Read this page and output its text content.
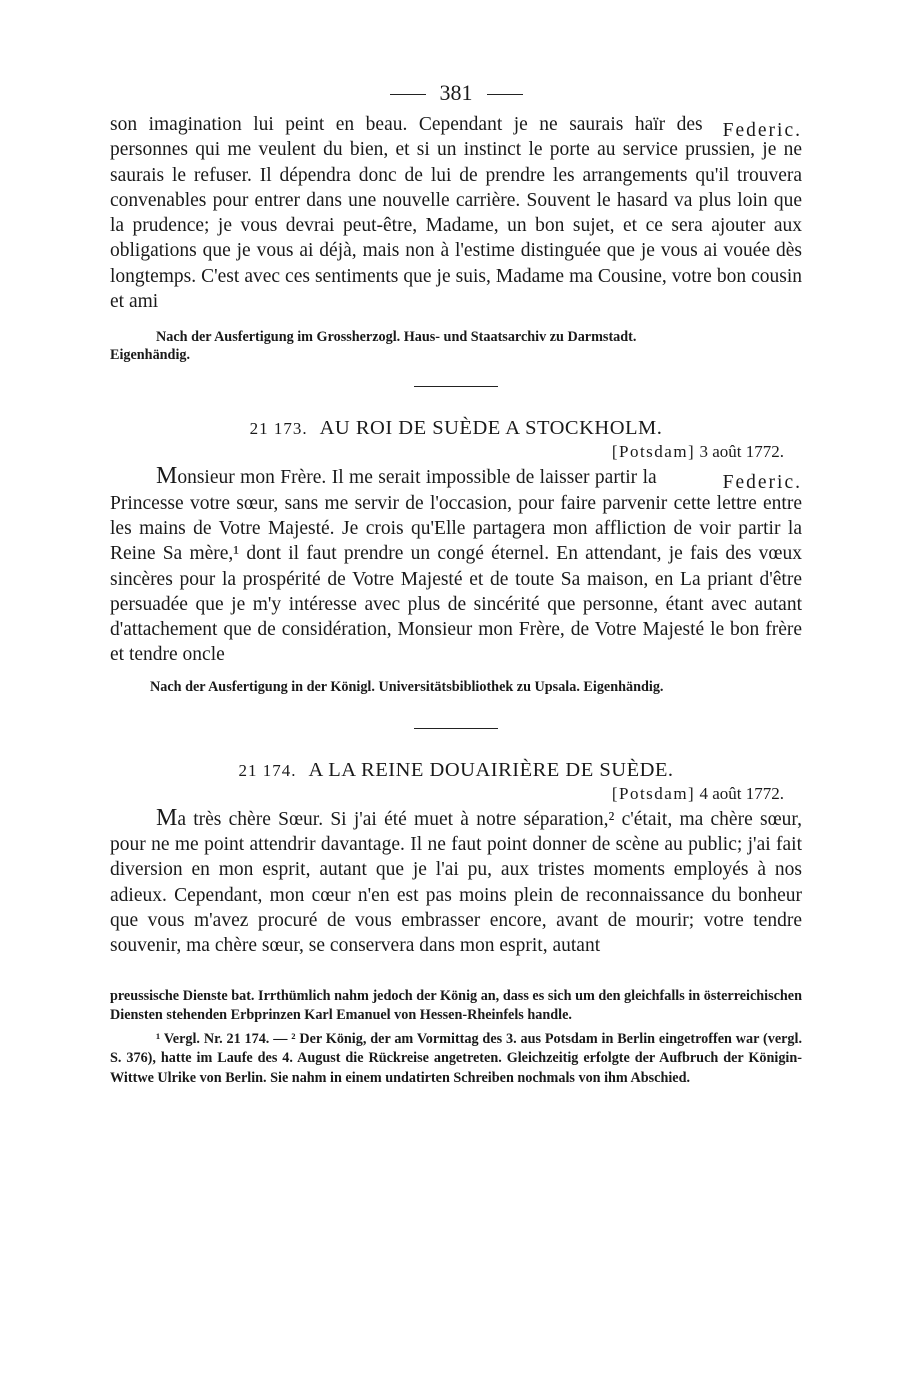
381

Federic.
son imagination lui peint en beau. Cependant je ne saurais haïr des personnes qui me veulent du bien, et si un instinct le porte au service prussien, je ne saurais le refuser. Il dépendra donc de lui de prendre les arrangements qu'il trouvera convenables pour entrer dans une nouvelle carrière. Souvent le hasard va plus loin que la prudence; je vous devrai peut-être, Madame, un bon sujet, et ce sera ajouter aux obligations que je vous ai déjà, mais non à l'estime distinguée que je vous ai vouée dès longtemps. C'est avec ces sentiments que je suis, Madame ma Cousine, votre bon cousin et ami

Nach der Ausfertigung im Grossherzogl. Haus- und Staatsarchiv zu Darmstadt.
Eigenhändig.

21 173. AU ROI DE SUÈDE A STOCKHOLM.

[Potsdam] 3 août 1772.

Federic.
Monsieur mon Frère. Il me serait impossible de laisser partir la Princesse votre sœur, sans me servir de l'occasion, pour faire parvenir cette lettre entre les mains de Votre Majesté. Je crois qu'Elle partagera mon affliction de voir partir la Reine Sa mère,¹ dont il faut prendre un congé éternel. En attendant, je fais des vœux sincères pour la prospérité de Votre Majesté et de toute Sa maison, en La priant d'être persuadée que je m'y intéresse avec plus de sincérité que personne, étant avec autant d'attachement que de considération, Monsieur mon Frère, de Votre Majesté le bon frère et tendre oncle

Nach der Ausfertigung in der Königl. Universitätsbibliothek zu Upsala. Eigenhändig.

21 174. A LA REINE DOUAIRIÈRE DE SUÈDE.

[Potsdam] 4 août 1772.

Ma très chère Sœur. Si j'ai été muet à notre séparation,² c'était, ma chère sœur, pour ne me point attendrir davantage. Il ne faut point donner de scène au public; j'ai fait diversion en mon esprit, autant que je l'ai pu, aux tristes moments employés à nos adieux. Cependant, mon cœur n'en est pas moins plein de reconnaissance du bonheur que vous m'avez procuré de vous embrasser encore, avant de mourir; votre tendre souvenir, ma chère sœur, se conservera dans mon esprit, autant

preussische Dienste bat. Irrthümlich nahm jedoch der König an, dass es sich um den gleichfalls in österreichischen Diensten stehenden Erbprinzen Karl Emanuel von Hessen-Rheinfels handle.

¹ Vergl. Nr. 21 174. — ² Der König, der am Vormittag des 3. aus Potsdam in Berlin eingetroffen war (vergl. S. 376), hatte im Laufe des 4. August die Rückreise angetreten. Gleichzeitig erfolgte der Aufbruch der Königin-Wittwe Ulrike von Berlin. Sie nahm in einem undatirten Schreiben nochmals von ihm Abschied.
